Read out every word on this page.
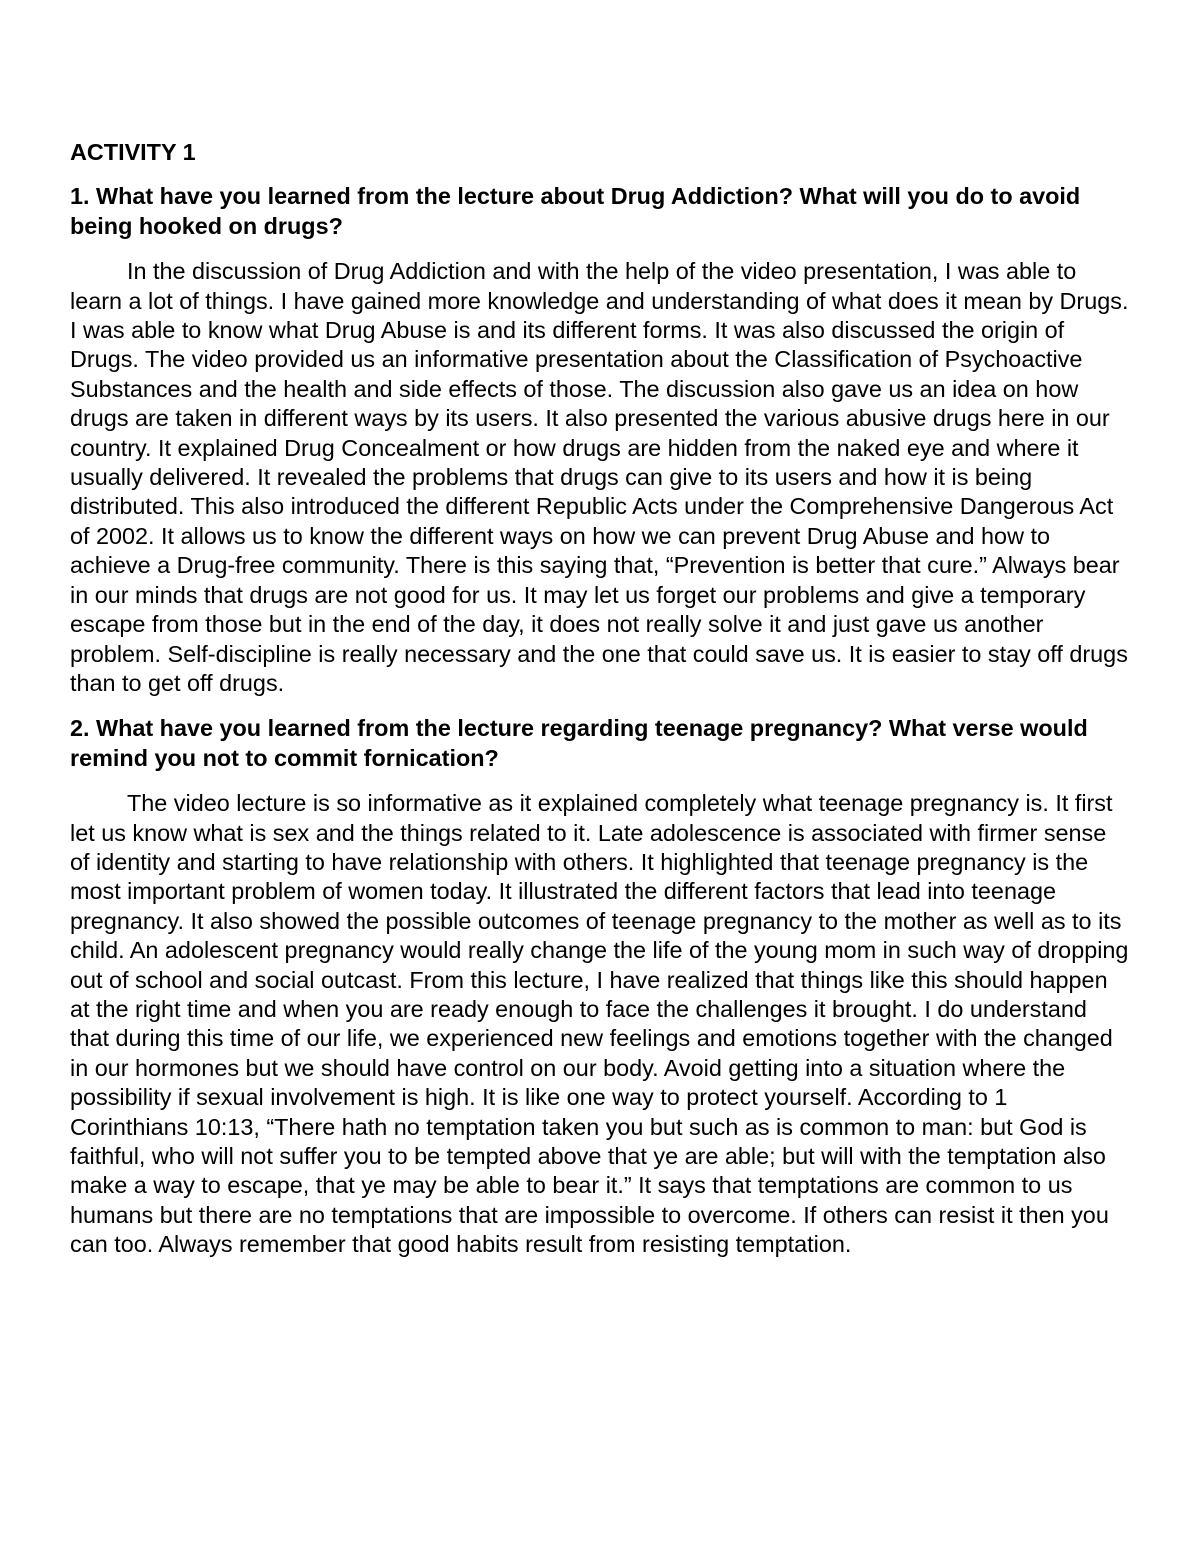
ACTIVITY 1
1. What have you learned from the lecture about Drug Addiction? What will you do to avoid being hooked on drugs?
In the discussion of Drug Addiction and with the help of the video presentation, I was able to learn a lot of things. I have gained more knowledge and understanding of what does it mean by Drugs. I was able to know what Drug Abuse is and its different forms. It was also discussed the origin of Drugs. The video provided us an informative presentation about the Classification of Psychoactive Substances and the health and side effects of those. The discussion also gave us an idea on how drugs are taken in different ways by its users. It also presented the various abusive drugs here in our country. It explained Drug Concealment or how drugs are hidden from the naked eye and where it usually delivered. It revealed the problems that drugs can give to its users and how it is being distributed. This also introduced the different Republic Acts under the Comprehensive Dangerous Act of 2002. It allows us to know the different ways on how we can prevent Drug Abuse and how to achieve a Drug-free community. There is this saying that, “Prevention is better that cure.” Always bear in our minds that drugs are not good for us. It may let us forget our problems and give a temporary escape from those but in the end of the day, it does not really solve it and just gave us another problem. Self-discipline is really necessary and the one that could save us. It is easier to stay off drugs than to get off drugs.
2. What have you learned from the lecture regarding teenage pregnancy? What verse would remind you not to commit fornication?
The video lecture is so informative as it explained completely what teenage pregnancy is. It first let us know what is sex and the things related to it. Late adolescence is associated with firmer sense of identity and starting to have relationship with others. It highlighted that teenage pregnancy is the most important problem of women today. It illustrated the different factors that lead into teenage pregnancy. It also showed the possible outcomes of teenage pregnancy to the mother as well as to its child. An adolescent pregnancy would really change the life of the young mom in such way of dropping out of school and social outcast. From this lecture, I have realized that things like this should happen at the right time and when you are ready enough to face the challenges it brought. I do understand that during this time of our life, we experienced new feelings and emotions together with the changed in our hormones but we should have control on our body. Avoid getting into a situation where the possibility if sexual involvement is high. It is like one way to protect yourself. According to 1 Corinthians 10:13, “There hath no temptation taken you but such as is common to man: but God is faithful, who will not suffer you to be tempted above that ye are able; but will with the temptation also make a way to escape, that ye may be able to bear it.” It says that temptations are common to us humans but there are no temptations that are impossible to overcome. If others can resist it then you can too. Always remember that good habits result from resisting temptation.
